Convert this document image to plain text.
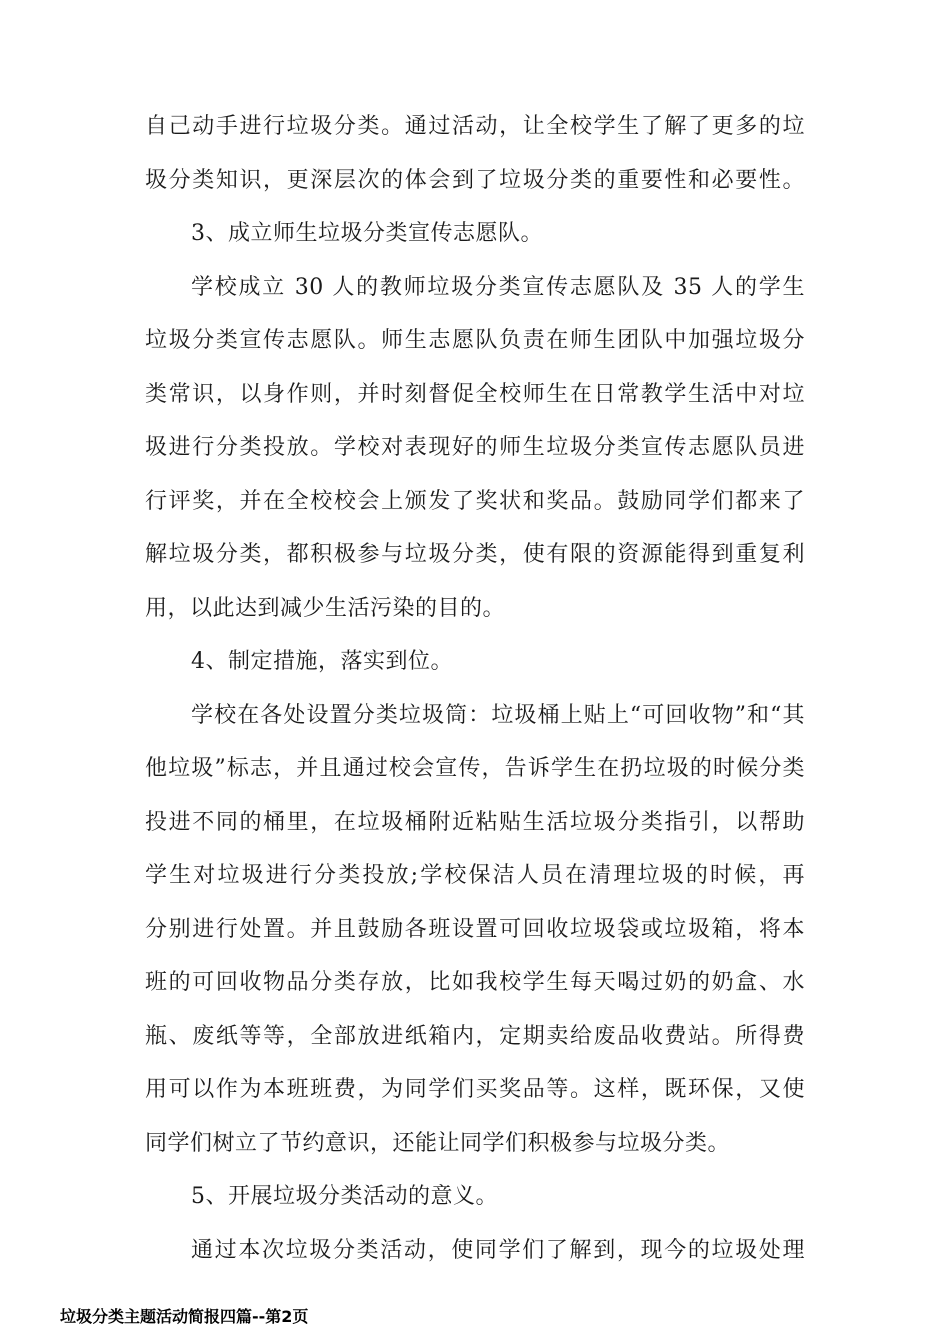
自己动手进行垃圾分类。通过活动，让全校学生了解了更多的垃
圾分类知识，更深层次的体会到了垃圾分类的重要性和必要性。
3、成立师生垃圾分类宣传志愿队。
学校成立 30 人的教师垃圾分类宣传志愿队及 35 人的学生
垃圾分类宣传志愿队。师生志愿队负责在师生团队中加强垃圾分
类常识，以身作则，并时刻督促全校师生在日常教学生活中对垃
圾进行分类投放。学校对表现好的师生垃圾分类宣传志愿队员进
行评奖，并在全校校会上颁发了奖状和奖品。鼓励同学们都来了
解垃圾分类，都积极参与垃圾分类，使有限的资源能得到重复利
用，以此达到减少生活污染的目的。
4、制定措施，落实到位。
学校在各处设置分类垃圾筒：垃圾桶上贴上“可回收物”和“其
他垃圾”标志，并且通过校会宣传，告诉学生在扔垃圾的时候分类
投进不同的桶里，在垃圾桶附近粘贴生活垃圾分类指引，以帮助
学生对垃圾进行分类投放;学校保洁人员在清理垃圾的时候，再
分别进行处置。并且鼓励各班设置可回收垃圾袋或垃圾箱，将本
班的可回收物品分类存放，比如我校学生每天喝过奶的奶盒、水
瓶、废纸等等，全部放进纸箱内，定期卖给废品收费站。所得费
用可以作为本班班费，为同学们买奖品等。这样，既环保，又使
同学们树立了节约意识，还能让同学们积极参与垃圾分类。
5、开展垃圾分类活动的意义。
通过本次垃圾分类活动，使同学们了解到，现今的垃圾处理
垃圾分类主题活动简报四篇--第2页
